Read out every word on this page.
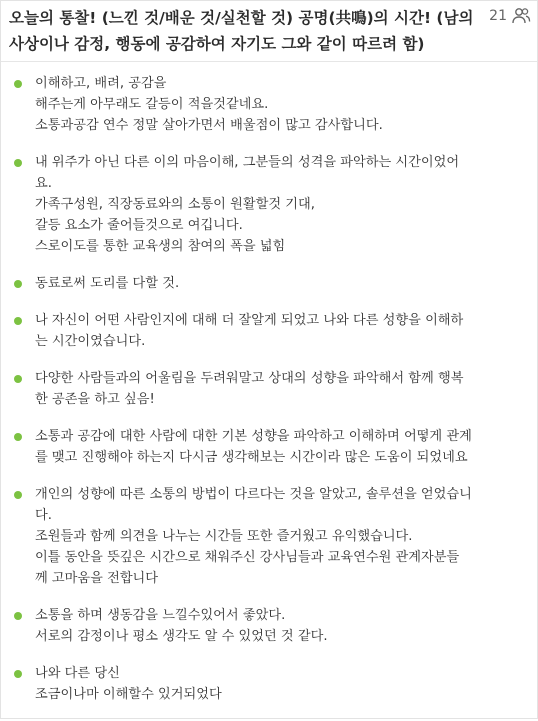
오늘의 통찰! (느낀 것/배운 것/실천할 것) 공명(共鳴)의 시간! (남의
사상이나 감정, 행동에 공감하여 자기도 그와 같이 따르려 함)
21
이해하고, 배려, 공감을
해주는게 아무래도 갈등이 적을것같네요.
소통과공감 연수 정말 살아가면서 배울점이 많고 감사합니다.
내 위주가 아닌 다른 이의 마음이해, 그분들의 성격을 파악하는 시간이었어
요.
가족구성원, 직장동료와의 소통이 원활할것 기대,
갈등 요소가 줄어들것으로 여깁니다.
스로이도를 통한 교육생의 참여의 폭을 넓힘
동료로써 도리를 다할 것.
나 자신이 어떤 사람인지에 대해 더 잘알게 되었고 나와 다른 성향을 이해하
는 시간이였습니다.
다양한 사람들과의 어울림을 두려워말고 상대의 성향을 파악해서 함께 행복
한 공존을 하고 싶음!
소통과 공감에 대한 사람에 대한 기본 성향을 파악하고 이해하며 어떻게 관계
를 맺고 진행해야 하는지 다시금 생각해보는 시간이라 많은 도움이 되었네요
개인의 성향에 따른 소통의 방법이 다르다는 것을 알았고, 솔루션을 얻었습니
다.
조원들과 함께 의견을 나누는 시간들 또한 즐거웠고 유익했습니다.
이틀 동안을 뜻깊은 시간으로 채워주신 강사님들과 교육연수원 관계자분들
께 고마움을 전합니다
소통을 하며 생동감을 느낄수있어서 좋았다.
서로의 감정이나 평소 생각도 알 수 있었던 것 같다.
나와 다른 당신
조금이나마 이해할수 있거되었다
